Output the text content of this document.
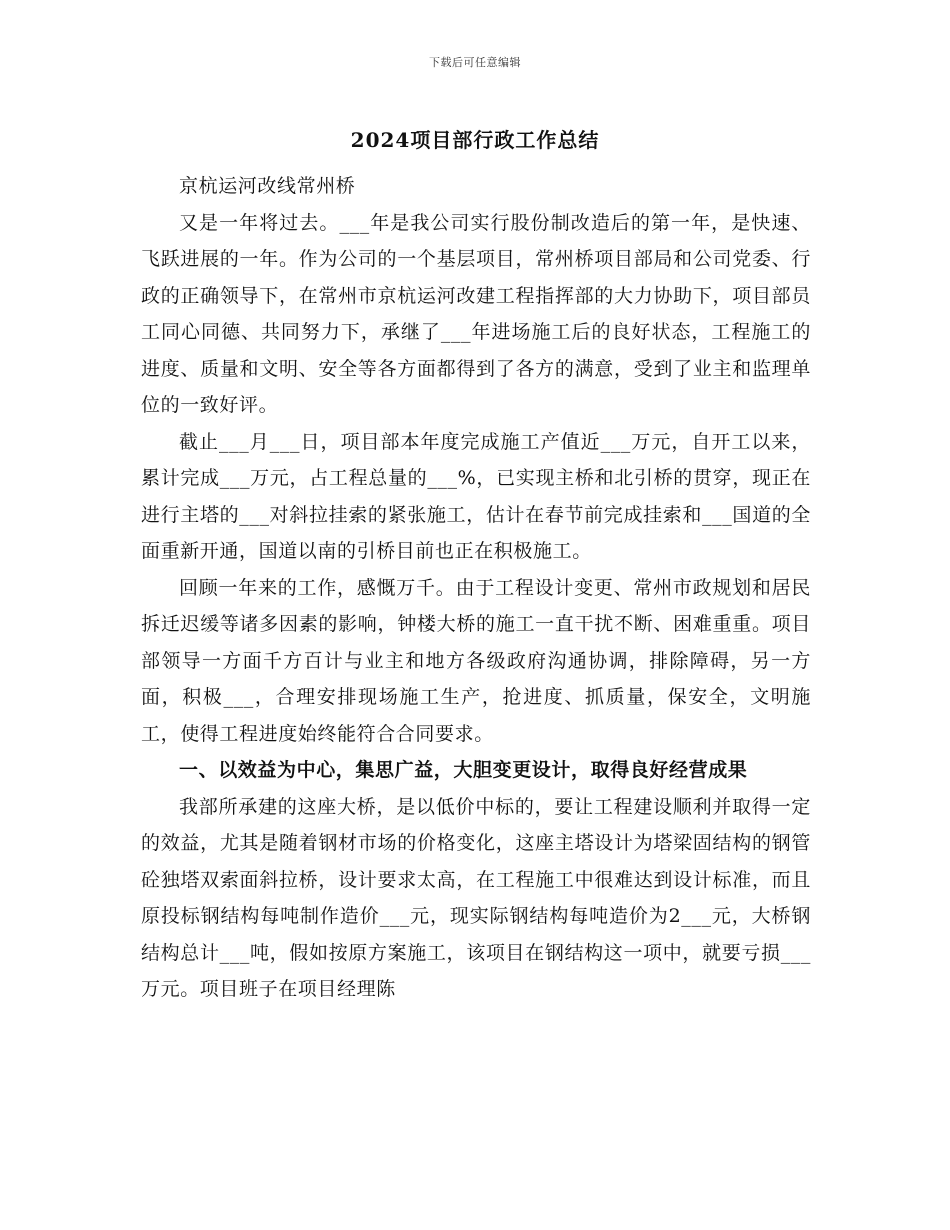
下载后可任意编辑
2024项目部行政工作总结

京杭运河改线常州桥

又是一年将过去。___年是我公司实行股份制改造后的第一年，是快速、飞跃进展的一年。作为公司的一个基层项目，常州桥项目部局和公司党委、行政的正确领导下，在常州市京杭运河改建工程指挥部的大力协助下，项目部员工同心同德、共同努力下，承继了___年进场施工后的良好状态，工程施工的进度、质量和文明、安全等各方面都得到了各方的满意，受到了业主和监理单位的一致好评。

截止___月___日，项目部本年度完成施工产值近___万元，自开工以来，累计完成___万元，占工程总量的___%，已实现主桥和北引桥的贯穿，现正在进行主塔的___对斜拉挂索的紧张施工，估计在春节前完成挂索和___国道的全面重新开通，国道以南的引桥目前也正在积极施工。

回顾一年来的工作，感慨万千。由于工程设计变更、常州市政规划和居民拆迁迟缓等诸多因素的影响，钟楼大桥的施工一直干扰不断、困难重重。项目部领导一方面千方百计与业主和地方各级政府沟通协调，排除障碍，另一方面，积极___，合理安排现场施工生产，抢进度、抓质量，保安全，文明施工，使得工程进度始终能符合合同要求。

一、以效益为中心，集思广益，大胆变更设计，取得良好经营成果

我部所承建的这座大桥，是以低价中标的，要让工程建设顺利并取得一定的效益，尤其是随着钢材市场的价格变化，这座主塔设计为塔梁固结构的钢管砼独塔双索面斜拉桥，设计要求太高，在工程施工中很难达到设计标准，而且原投标钢结构每吨制作造价___元，现实际钢结构每吨造价为2___元，大桥钢结构总计___吨，假如按原方案施工，该项目在钢结构这一项中，就要亏损___万元。项目班子在项目经理陈
